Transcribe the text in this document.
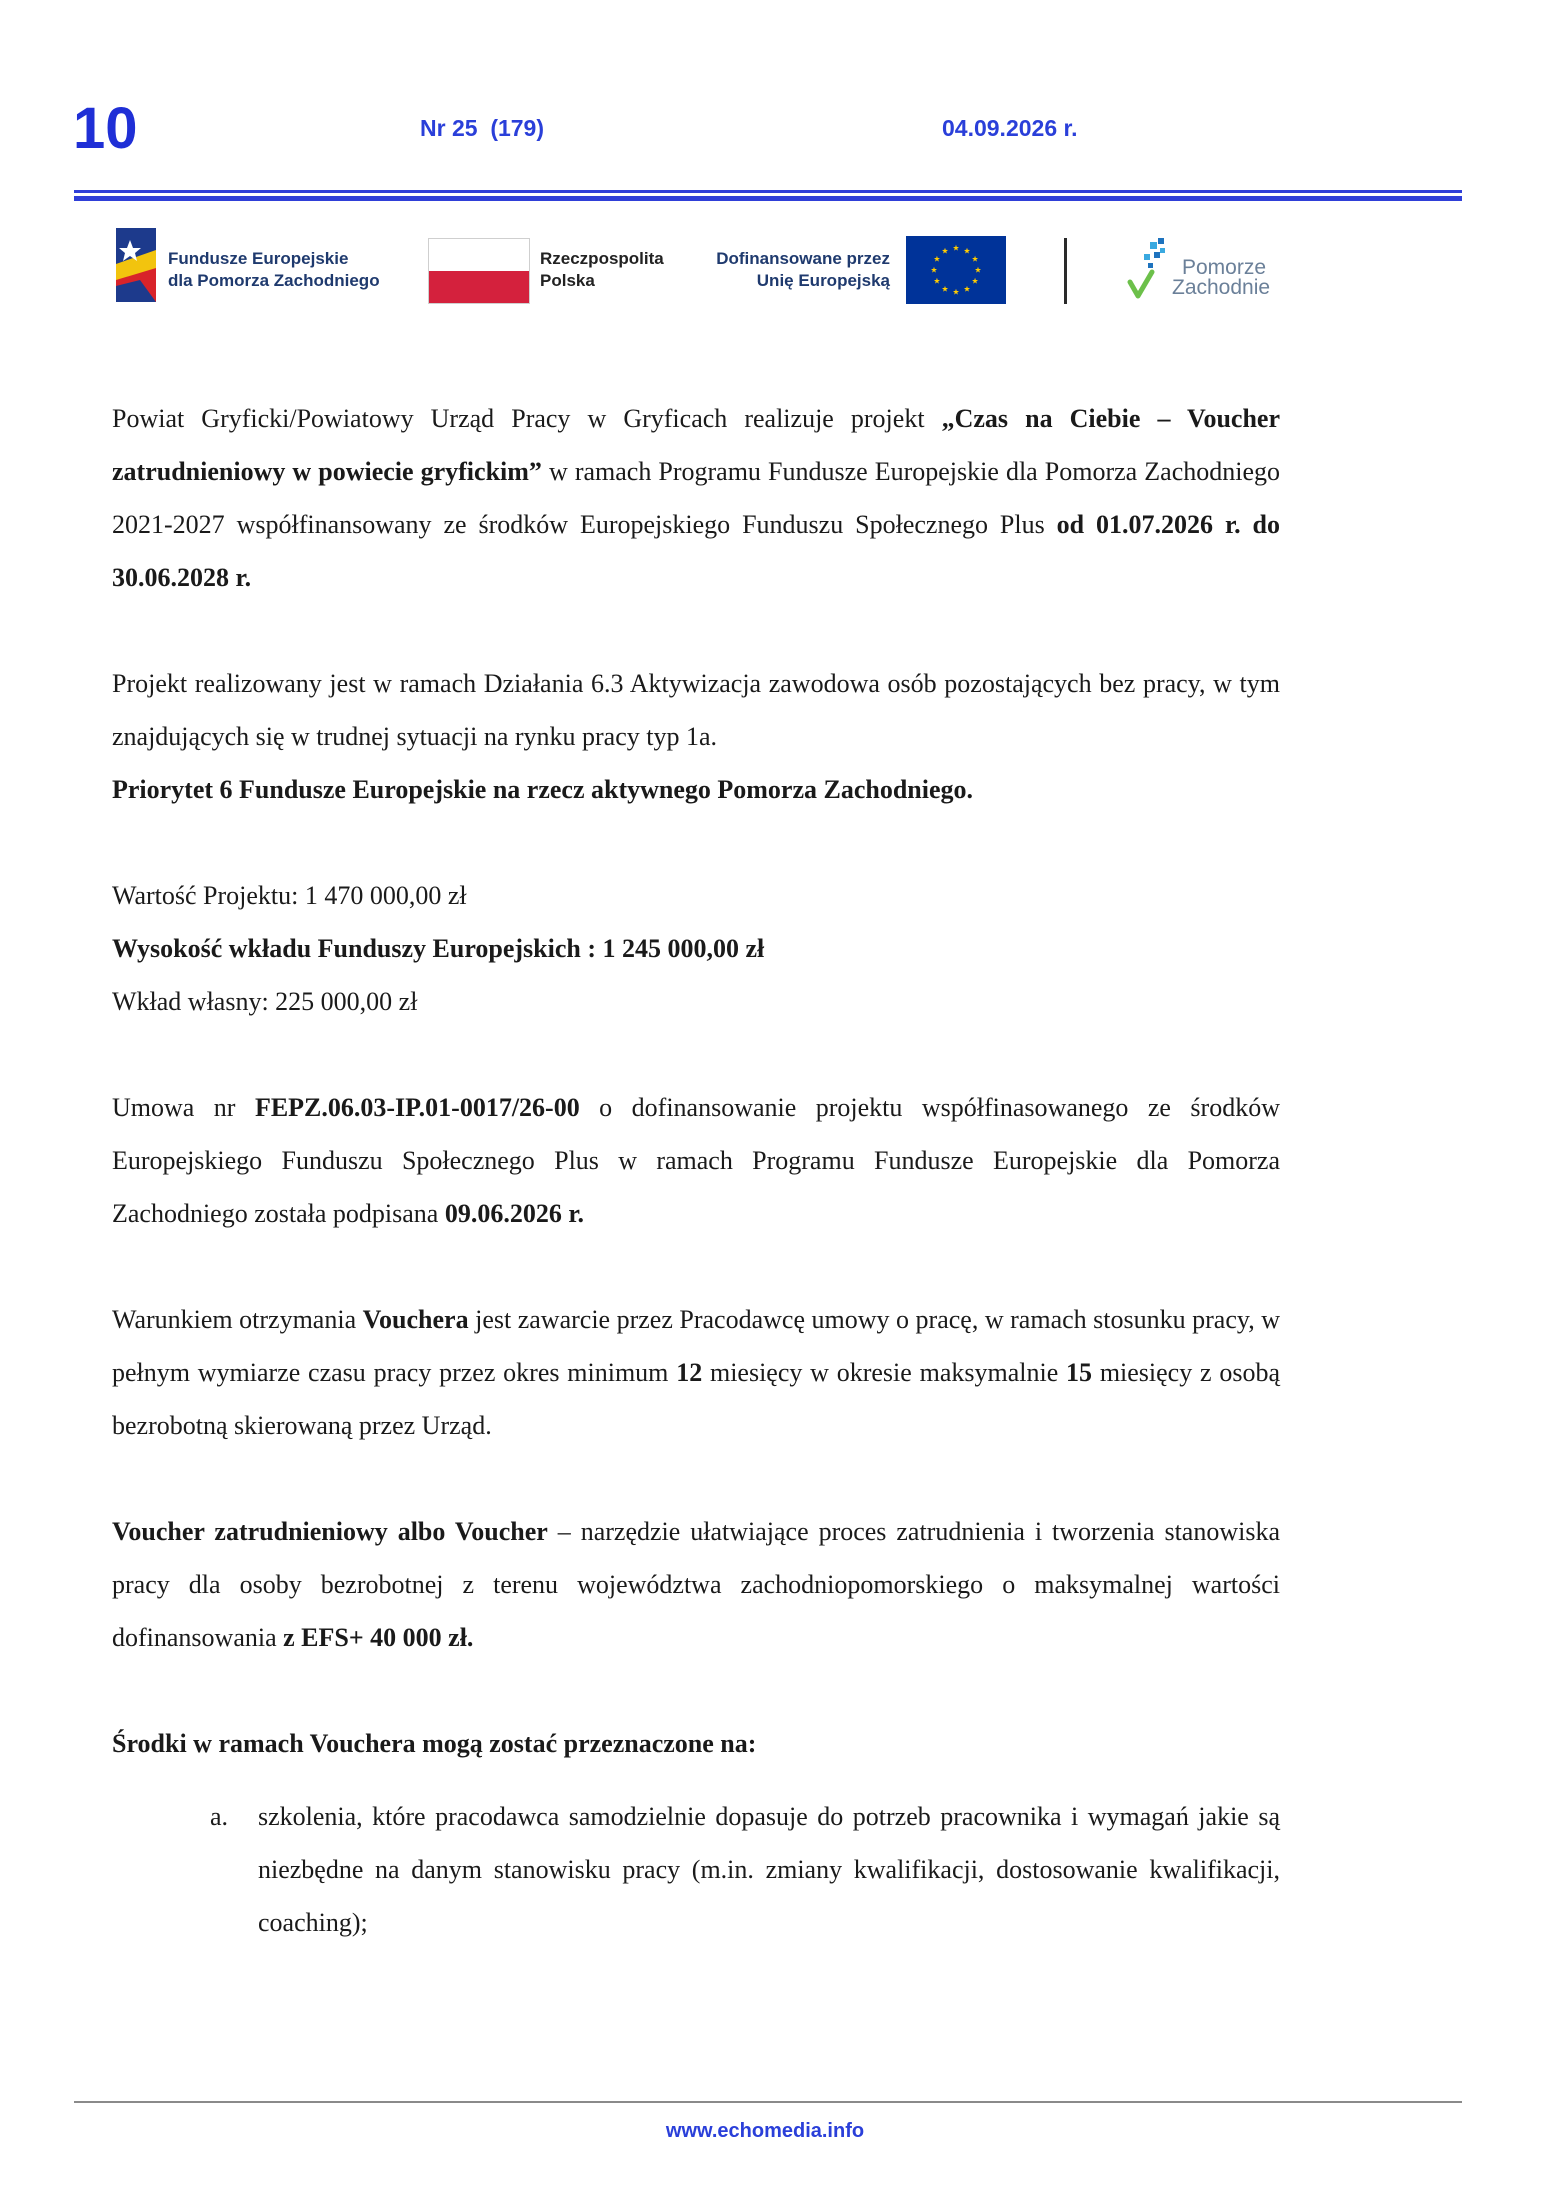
10	Nr 25  (179)	04.09.2026 r.
Fundusze Europejskie
dla Pomorza Zachodniego
Rzeczpospolita
Polska
Dofinansowane przez
Unię Europejską
Pomorze
Zachodnie

Powiat Gryficki/Powiatowy Urząd Pracy w Gryficach realizuje projekt „Czas na Ciebie – Voucher zatrudnieniowy w powiecie gryfickim” w ramach Programu Fundusze Europejskie dla Pomorza Zachodniego 2021-2027 współfinansowany ze środków Europejskiego Funduszu Społecznego Plus od 01.07.2026 r. do 30.06.2028 r.

Projekt realizowany jest w ramach Działania 6.3 Aktywizacja zawodowa osób pozostających bez pracy, w tym znajdujących się w trudnej sytuacji na rynku pracy typ 1a.

Priorytet 6 Fundusze Europejskie na rzecz aktywnego Pomorza Zachodniego.

Wartość Projektu: 1 470 000,00 zł

Wysokość wkładu Funduszy Europejskich : 1 245 000,00 zł

Wkład własny: 225 000,00 zł

Umowa nr FEPZ.06.03-IP.01-0017/26-00 o dofinansowanie projektu współfinasowanego ze środków Europejskiego Funduszu Społecznego Plus w ramach Programu Fundusze Europejskie dla Pomorza Zachodniego została podpisana 09.06.2026 r.

Warunkiem otrzymania Vouchera jest zawarcie przez Pracodawcę umowy o pracę, w ramach stosunku pracy, w pełnym wymiarze czasu pracy przez okres minimum 12 miesięcy w okresie maksymalnie 15 miesięcy z osobą bezrobotną skierowaną przez Urząd.

Voucher zatrudnieniowy albo Voucher – narzędzie ułatwiające proces zatrudnienia i tworzenia stanowiska pracy dla osoby bezrobotnej z terenu województwa zachodniopomorskiego o maksymalnej wartości dofinansowania z EFS+ 40 000 zł.

Środki w ramach Vouchera mogą zostać przeznaczone na:

a. szkolenia, które pracodawca samodzielnie dopasuje do potrzeb pracownika i wymagań jakie są niezbędne na danym stanowisku pracy (m.in. zmiany kwalifikacji, dostosowanie kwalifikacji, coaching);

www.echomedia.info
